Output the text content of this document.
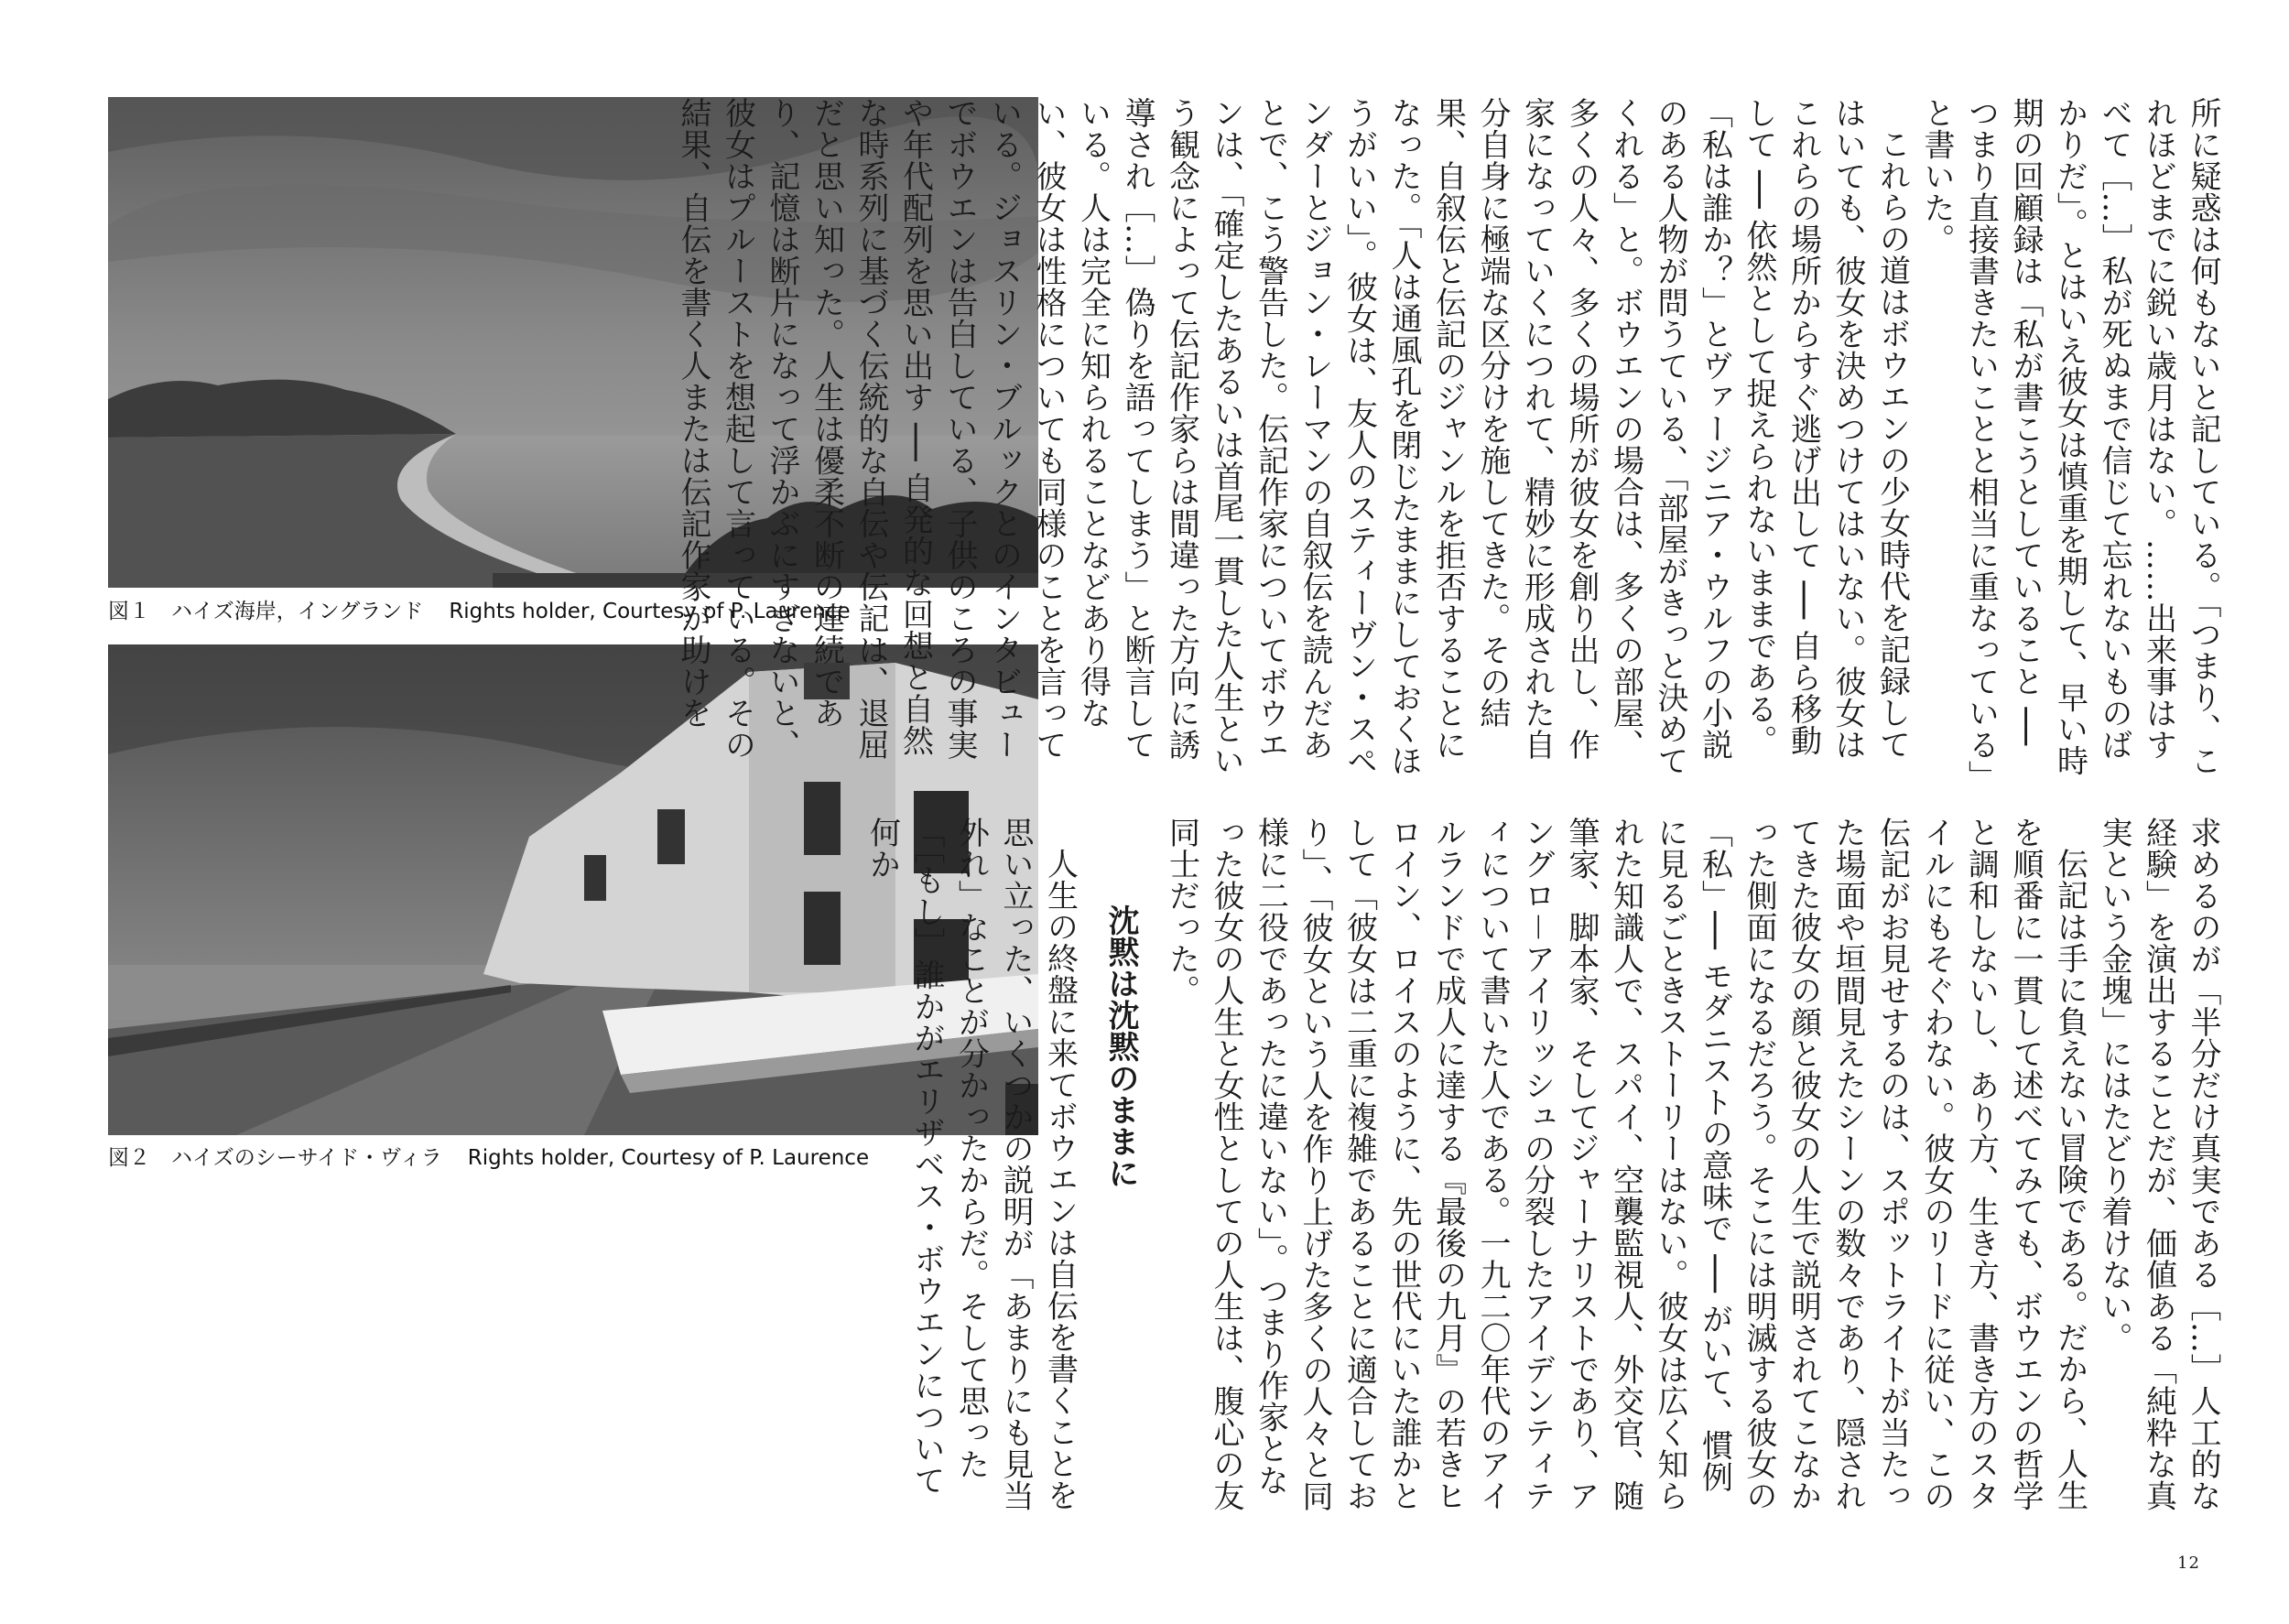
図１　ハイズ海岸，イングランド Rights holder, Courtesy of P. Laurence
図２　ハイズのシーサイド・ヴィラ Rights holder, Courtesy of P. Laurence

所に疑惑は何もないと記している。「つまり、これほどまでに鋭い歳月はない。……出来事はすべて［…］私が死ぬまで信じて忘れないものばかりだ」。とはいえ彼女は慎重を期して、早い時期の回顧録は「私が書こうとしていること ── つまり直接書きたいことと相当に重なっている」と書いた。

これらの道はボウエンの少女時代を記録してはいても、彼女を決めつけてはいない。彼女はこれらの場所からすぐ逃げ出して ── 自ら移動して ── 依然として捉えられないままである。「私は誰か？」とヴァージニア・ウルフの小説のある人物が問うている、「部屋がきっと決めてくれる」と。ボウエンの場合は、多くの部屋、多くの人々、多くの場所が彼女を創り出し、作家になっていくにつれて、精妙に形成された自分自身に極端な区分けを施してきた。その結果、自叙伝と伝記のジャンルを拒否することになった。「人は通風孔を閉じたままにしておくほうがいい」。彼女は、友人のスティーヴン・スペンダーとジョン・レーマンの自叙伝を読んだあとで、こう警告した。伝記作家についてボウエンは、「確定したあるいは首尾一貫した人生という観念によって伝記作家らは間違った方向に誘導され［…］偽りを語ってしまう」と断言している。人は完全に知られることなどあり得ない、彼女は性格についても同様のことを言っている。ジョスリン・ブルックとのインタビューでボウエンは告白している、子供のころの事実や年代配列を思い出す ── 自発的な回想と自然な時系列に基づく伝統的な自伝や伝記は、退屈だと思い知った。人生は優柔不断の連続であり、記憶は断片になって浮かぶにすぎないと、彼女はプルーストを想起して言っている。その結果、自伝を書く人または伝記作家が助けを

求めるのが「半分だけ真実である［…］人工的な経験」を演出することだが、価値ある「純粋な真実という金塊」にはたどり着けない。

伝記は手に負えない冒険である。だから、人生を順番に一貫して述べてみても、ボウエンの哲学と調和しないし、あり方、生き方、書き方のスタイルにもそぐわない。彼女のリードに従い、この伝記がお見せするのは、スポットライトが当たった場面や垣間見えたシーンの数々であり、隠されてきた彼女の顔と彼女の人生で説明されてこなかった側面になるだろう。そこには明滅する彼女の「私」── モダニストの意味で ── がいて、慣例に見るごときストーリーはない。彼女は広く知られた知識人で、スパイ、空襲監視人、外交官、随筆家、脚本家、そしてジャーナリストであり、アングロ－アイリッシュの分裂したアイデンティティについて書いた人である。一九二〇年代のアイルランドで成人に達する『最後の九月』の若きヒロイン、ロイスのように、先の世代にいた誰かとして「彼女は二重に複雑であることに適合しており」、「彼女という人を作り上げた多くの人々と同様に二役であったに違いない」。つまり作家となった彼女の人生と女性としての人生は、腹心の友同士だった。

沈黙は沈黙のままに

人生の終盤に来てボウエンは自伝を書くことを思い立った、いくつかの説明が「あまりにも見当外れ」なことが分かったからだ。そして思った「［もし］誰かがエリザベス・ボウエンについて何か

12
